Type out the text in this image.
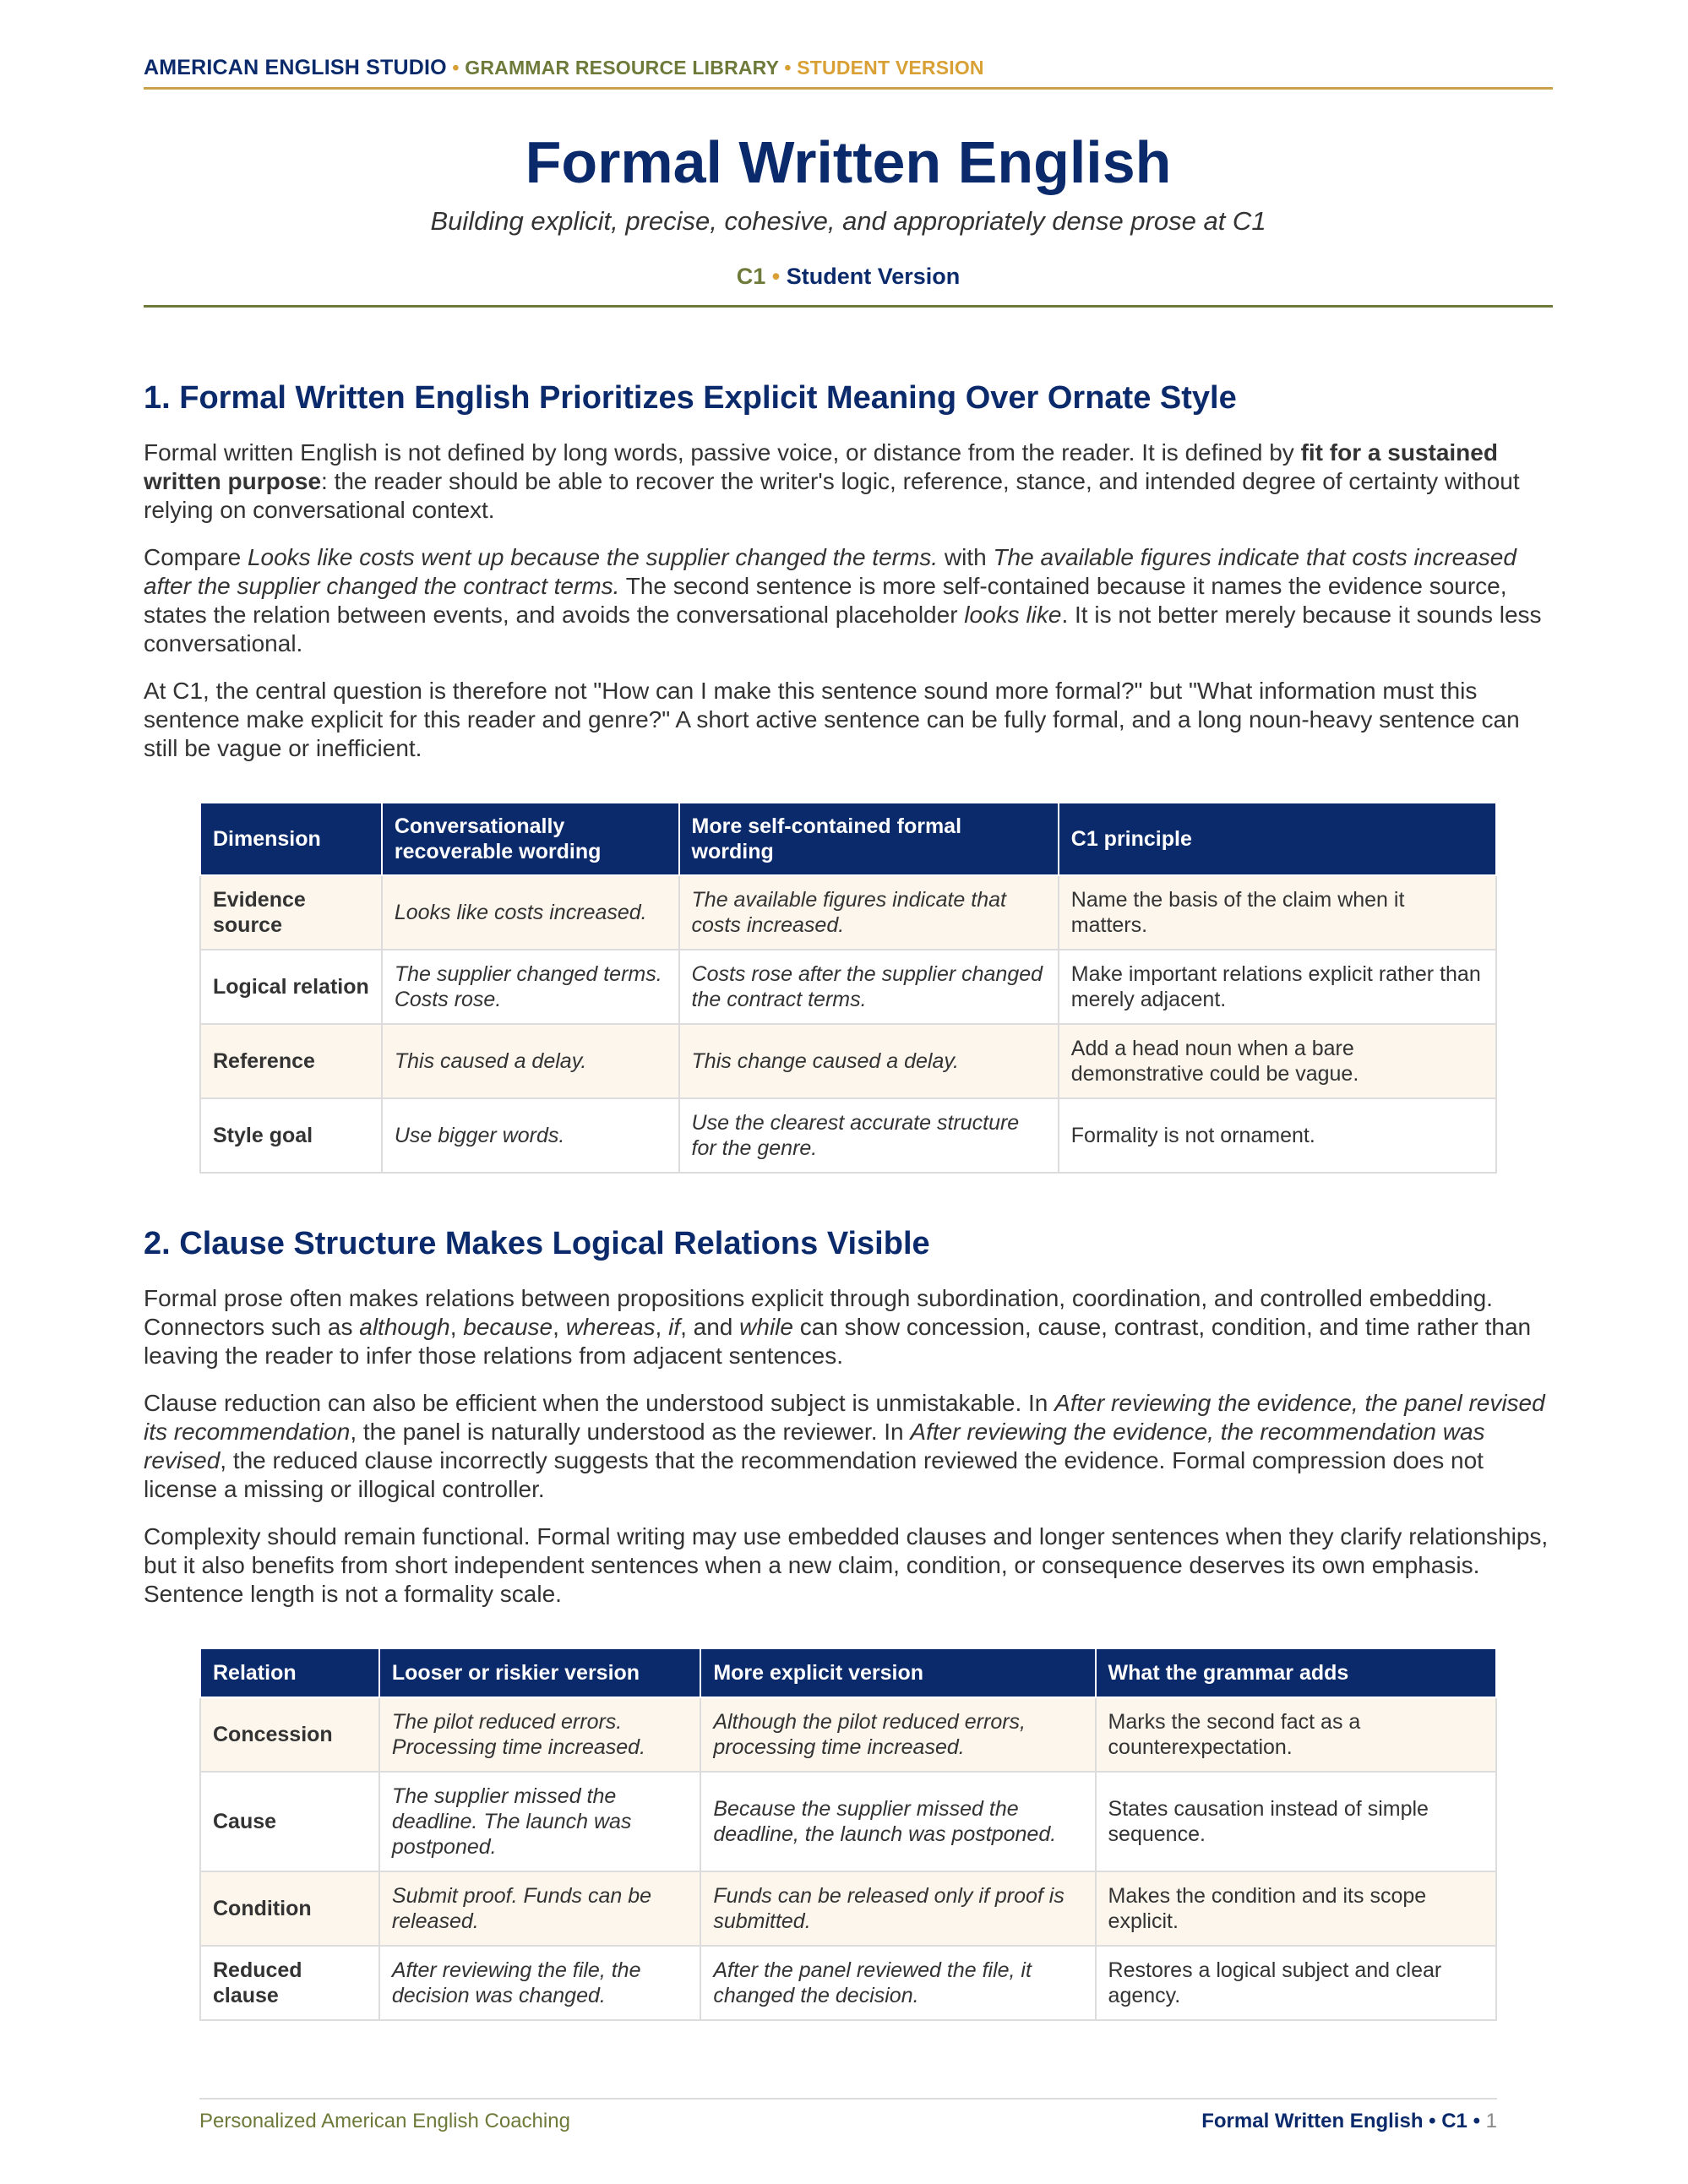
AMERICAN ENGLISH STUDIO • GRAMMAR RESOURCE LIBRARY • STUDENT VERSION
Formal Written English
Building explicit, precise, cohesive, and appropriately dense prose at C1
C1 • Student Version
1. Formal Written English Prioritizes Explicit Meaning Over Ornate Style

Formal written English is not defined by long words, passive voice, or distance from the reader. It is defined by fit for a sustained written purpose: the reader should be able to recover the writer's logic, reference, stance, and intended degree of certainty without relying on conversational context.

Compare Looks like costs went up because the supplier changed the terms. with The available figures indicate that costs increased after the supplier changed the contract terms. The second sentence is more self-contained because it names the evidence source, states the relation between events, and avoids the conversational placeholder looks like. It is not better merely because it sounds less conversational.

At C1, the central question is therefore not "How can I make this sentence sound more formal?" but "What information must this sentence make explicit for this reader and genre?" A short active sentence can be fully formal, and a long noun-heavy sentence can still be vague or inefficient.

Dimension	Conversationally recoverable wording	More self-contained formal wording	C1 principle
Evidence source	Looks like costs increased.	The available figures indicate that costs increased.	Name the basis of the claim when it matters.
Logical relation	The supplier changed terms. Costs rose.	Costs rose after the supplier changed the contract terms.	Make important relations explicit rather than merely adjacent.
Reference	This caused a delay.	This change caused a delay.	Add a head noun when a bare demonstrative could be vague.
Style goal	Use bigger words.	Use the clearest accurate structure for the genre.	Formality is not ornament.
2. Clause Structure Makes Logical Relations Visible

Formal prose often makes relations between propositions explicit through subordination, coordination, and controlled embedding. Connectors such as although, because, whereas, if, and while can show concession, cause, contrast, condition, and time rather than leaving the reader to infer those relations from adjacent sentences.

Clause reduction can also be efficient when the understood subject is unmistakable. In After reviewing the evidence, the panel revised its recommendation, the panel is naturally understood as the reviewer. In After reviewing the evidence, the recommendation was revised, the reduced clause incorrectly suggests that the recommendation reviewed the evidence. Formal compression does not license a missing or illogical controller.

Complexity should remain functional. Formal writing may use embedded clauses and longer sentences when they clarify relationships, but it also benefits from short independent sentences when a new claim, condition, or consequence deserves its own emphasis. Sentence length is not a formality scale.

Relation	Looser or riskier version	More explicit version	What the grammar adds
Concession	The pilot reduced errors. Processing time increased.	Although the pilot reduced errors, processing time increased.	Marks the second fact as a counterexpectation.
Cause	The supplier missed the deadline. The launch was postponed.	Because the supplier missed the deadline, the launch was postponed.	States causation instead of simple sequence.
Condition	Submit proof. Funds can be released.	Funds can be released only if proof is submitted.	Makes the condition and its scope explicit.
Reduced clause	After reviewing the file, the decision was changed.	After the panel reviewed the file, it changed the decision.	Restores a logical subject and clear agency.
Personalized American English Coaching	Formal Written English • C1 • 1
